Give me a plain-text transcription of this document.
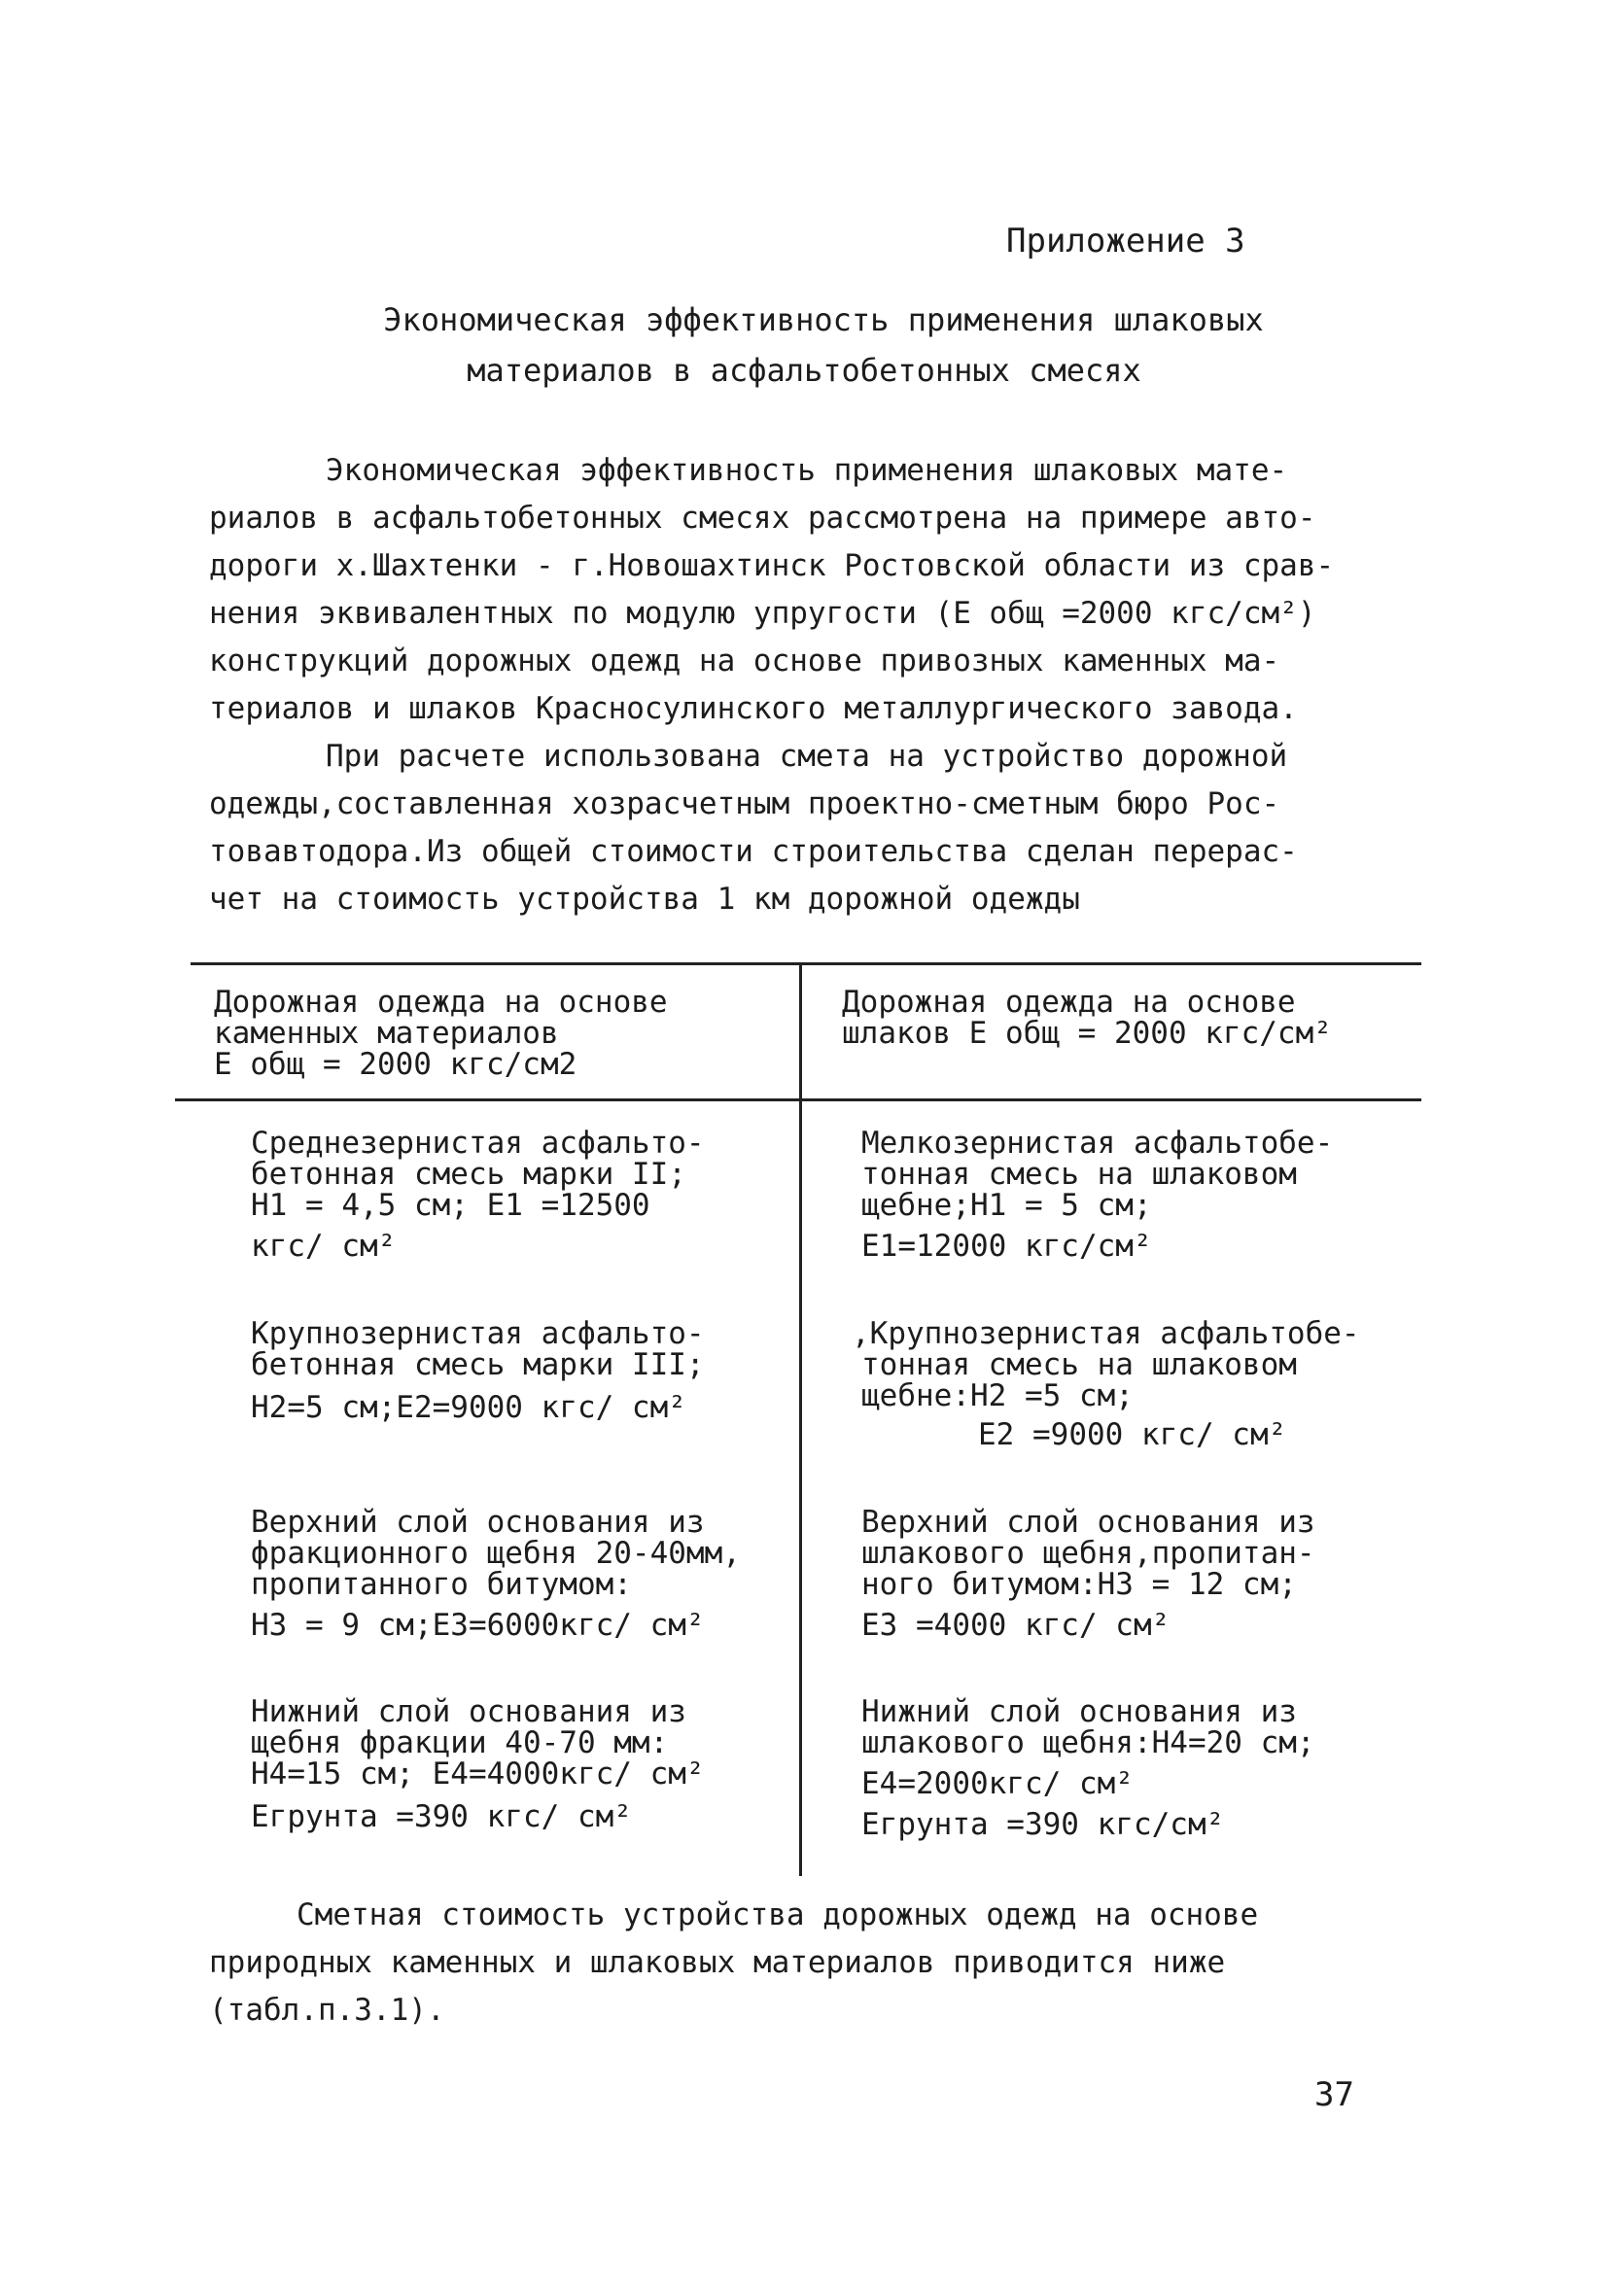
Приложение 3
Экономическая эффективность применения шлаковых
материалов в асфальтобетонных смесях
Экономическая эффективность применения шлаковых мате-
риалов в асфальтобетонных смесях рассмотрена на примере авто-
дороги х.Шахтенки - г.Новошахтинск Ростовской области из срав-
нения эквивалентных по модулю упругости (Е общ =2000 кгс/см²)
конструкций дорожных одежд на основе привозных каменных ма-
териалов и шлаков Красносулинского металлургического завода.
При расчете использована смета на устройство дорожной
одежды,составленная хозрасчетным проектно-сметным бюро Рос-
товавтодора.Из общей стоимости строительства сделан перерас-
чет на стоимость устройства 1 км дорожной одежды
Дорожная одежда на основе
каменных материалов
Е общ = 2000 кгс/см2
Дорожная одежда на основе
шлаков Е общ = 2000 кгс/см²
Среднезернистая асфальто-
бетонная смесь марки II;
H1 = 4,5 см; E1 =12500
кгс/ см²
Крупнозернистая асфальто-
бетонная смесь марки III;
H2=5 см;E2=9000 кгс/ см²
Верхний слой основания из
фракционного щебня 20-40мм,
пропитанного битумом:
H3 = 9 см;E3=6000кгс/ см²
Нижний слой основания из
щебня фракции 40-70 мм:
H4=15 см; E4=4000кгс/ см²
Eгрунта =390 кгс/ см²
Мелкозернистая асфальтобе-
тонная смесь на шлаковом
щебне;H1 = 5 см;
E1=12000 кгс/см²
,Крупнозернистая асфальтобе-
тонная смесь на шлаковом
щебне:H2 =5 см;
E2 =9000 кгс/ см²
Верхний слой основания из
шлакового щебня,пропитан-
ного битумом:H3 = 12 см;
E3 =4000 кгс/ см²
Нижний слой основания из
шлакового щебня:H4=20 см;
E4=2000кгс/ см²
Eгрунта =390 кгс/см²
Сметная стоимость устройства дорожных одежд на основе
природных каменных и шлаковых материалов приводится ниже
(табл.п.3.1).
37
